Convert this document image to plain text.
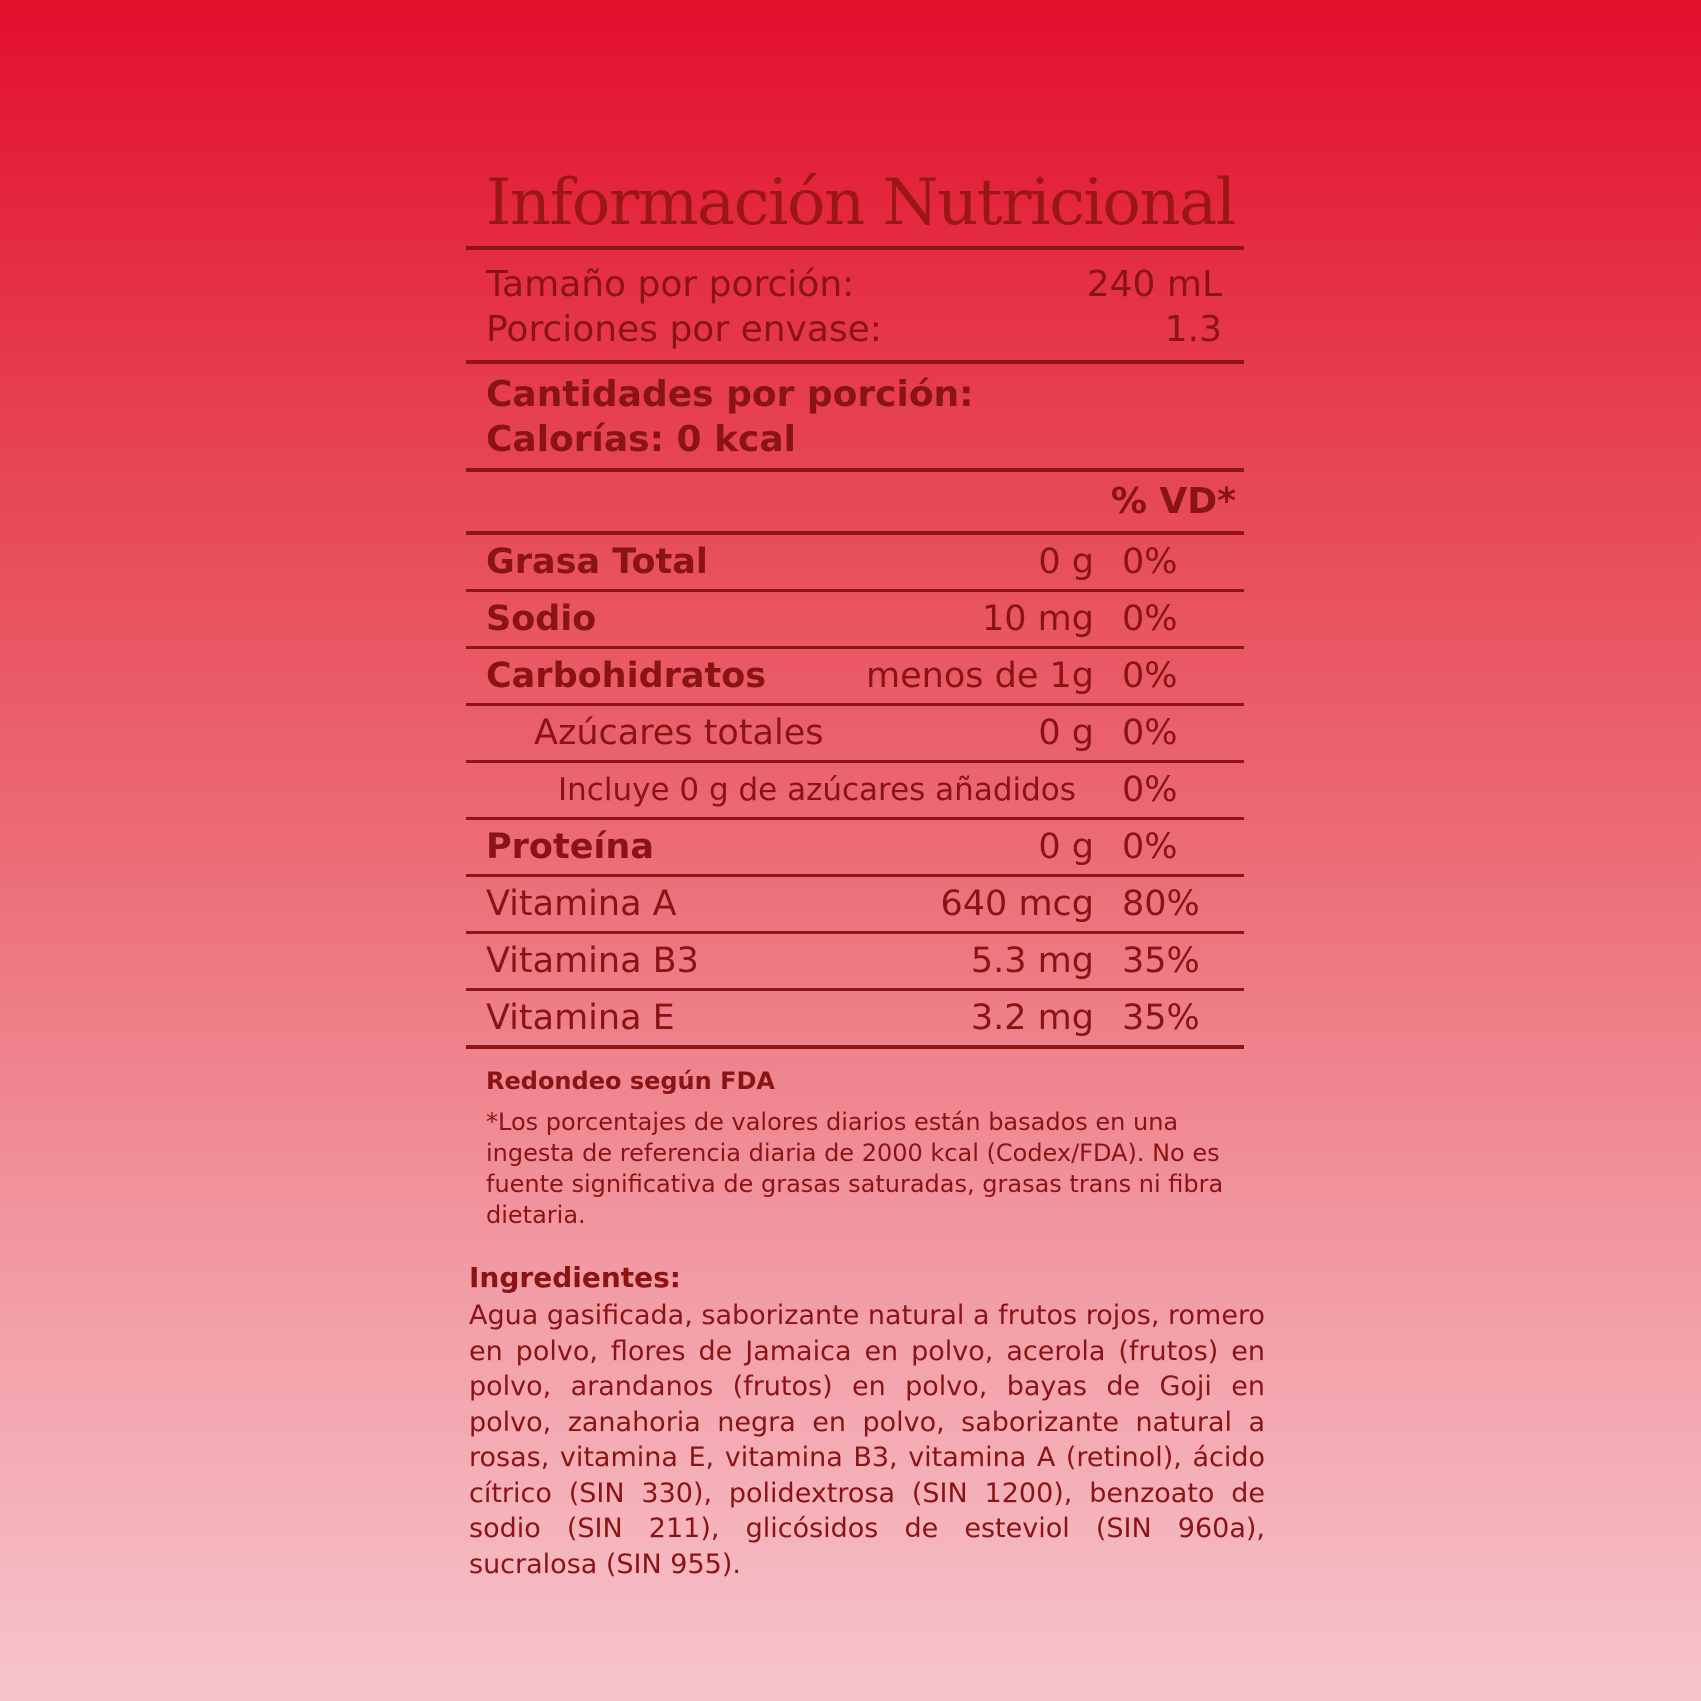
Información Nutricional
Tamaño por porción:	240 mL
Porciones por envase:	1.3
Cantidades por porción:
Calorías: 0 kcal
% VD*
Grasa Total	0 g 0%
Sodio	10 mg 0%
Carbohidratos	menos de 1g 0%
Azúcares totales	0 g 0%
Incluye 0 g de azúcares añadidos	0%
Proteína	0 g 0%
Vitamina A	640 mcg 80%
Vitamina B3	5.3 mg 35%
Vitamina E	3.2 mg 35%
Redondeo según FDA
*Los porcentajes de valores diarios están basados en una ingesta de referencia diaria de 2000 kcal (Codex/FDA). No es fuente significativa de grasas saturadas, grasas trans ni fibra dietaria.
Ingredientes:

Agua gasificada, saborizante natural a frutos rojos, romero en polvo, flores de Jamaica en polvo, acerola (frutos) en polvo, arandanos (frutos) en polvo, bayas de Goji en polvo, zanahoria negra en polvo, saborizante natural a rosas, vitamina E, vitamina B3, vitamina A (retinol), ácido cítrico (SIN 330), polidextrosa (SIN 1200), benzoato de sodio (SIN 211), glicósidos de esteviol (SIN 960a), sucralosa (SIN 955).
